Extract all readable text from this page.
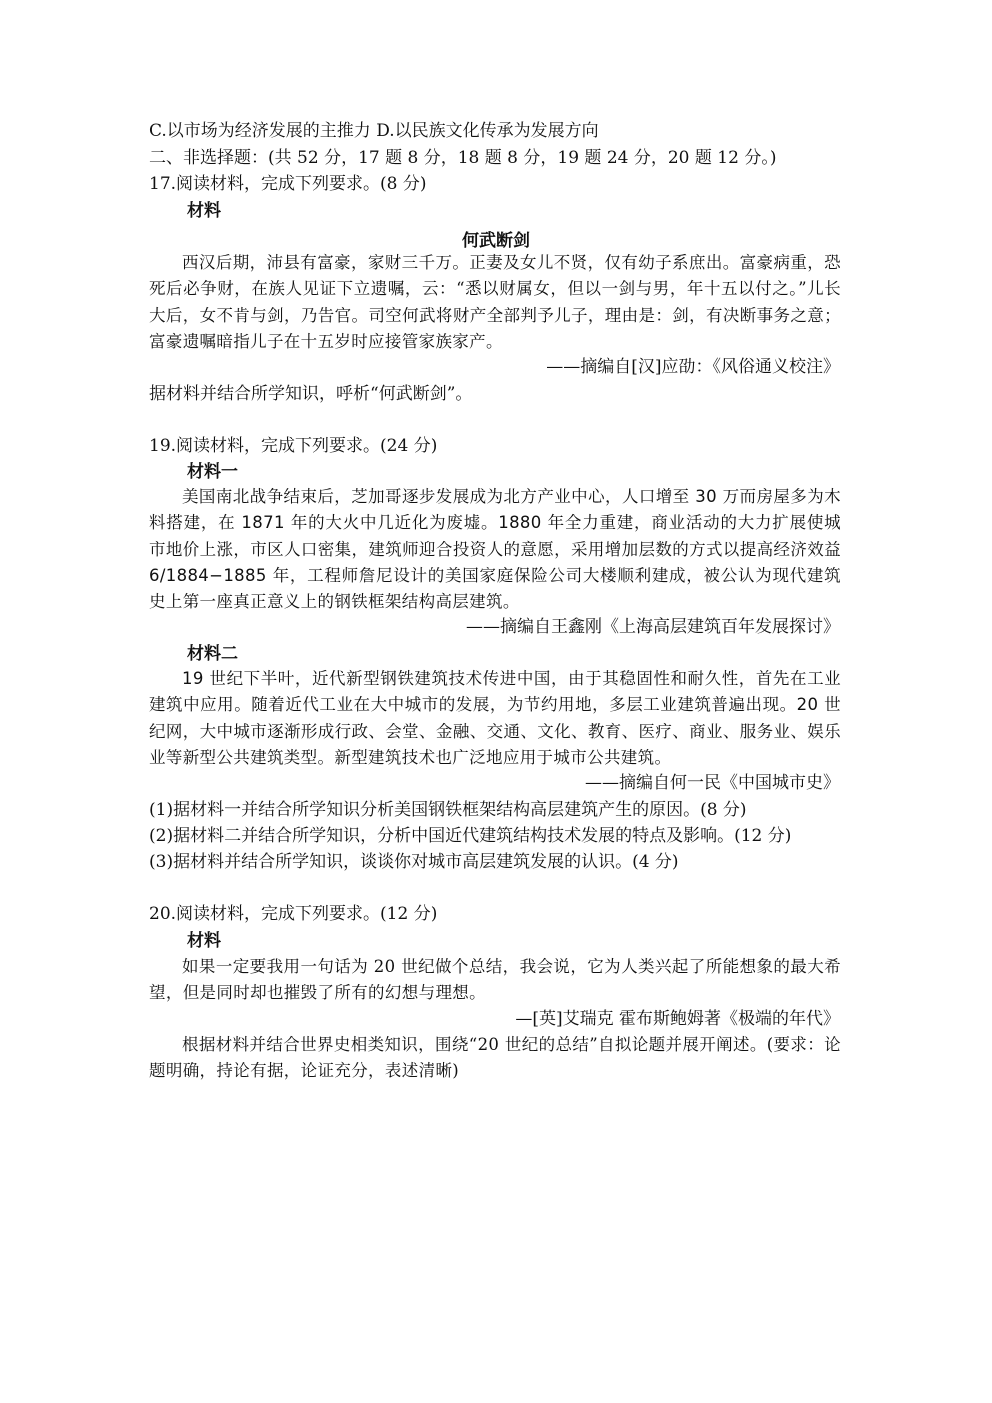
C.以市场为经济发展的主推力 D.以民族文化传承为发展方向
二、非选择题：(共 52 分，17 题 8 分，18 题 8 分，19 题 24 分，20 题 12 分。)
17.阅读材料，完成下列要求。(8 分)
材料
何武断剑
西汉后期，沛县有富豪，家财三千万。正妻及女儿不贤，仅有幼子系庶出。富豪病重，恐死后必争财，在族人见证下立遗嘱，云：“悉以财属女，但以一剑与男，年十五以付之。”儿长大后，女不肯与剑，乃告官。司空何武将财产全部判予儿子，理由是：剑，有决断事务之意；富豪遗嘱暗指儿子在十五岁时应接管家族家产。
——摘编自[汉]应劭：《风俗通义校注》
据材料并结合所学知识，呼析“何武断剑”。
19.阅读材料，完成下列要求。(24 分)
材料一
美国南北战争结束后，芝加哥逐步发展成为北方产业中心，人口增至 30 万而房屋多为木料搭建，在 1871 年的大火中几近化为废墟。1880 年全力重建，商业活动的大力扩展使城市地价上涨，市区人口密集，建筑师迎合投资人的意愿，采用增加层数的方式以提高经济效益 6/1884−1885 年，工程师詹尼设计的美国家庭保险公司大楼顺利建成，被公认为现代建筑史上第一座真正意义上的钢铁框架结构高层建筑。
——摘编自王鑫刚《上海高层建筑百年发展探讨》
材料二
19 世纪下半叶，近代新型钢铁建筑技术传进中国，由于其稳固性和耐久性，首先在工业建筑中应用。随着近代工业在大中城市的发展，为节约用地，多层工业建筑普遍出现。20 世纪网，大中城市逐渐形成行政、会堂、金融、交通、文化、教育、医疗、商业、服务业、娱乐业等新型公共建筑类型。新型建筑技术也广泛地应用于城市公共建筑。
——摘编自何一民《中国城市史》
(1)据材料一并结合所学知识分析美国钢铁框架结构高层建筑产生的原因。(8 分)
(2)据材料二并结合所学知识，分析中国近代建筑结构技术发展的特点及影响。(12 分)
(3)据材料并结合所学知识，谈谈你对城市高层建筑发展的认识。(4 分)
20.阅读材料，完成下列要求。(12 分)
材料
如果一定要我用一句话为 20 世纪做个总结，我会说，它为人类兴起了所能想象的最大希望，但是同时却也摧毁了所有的幻想与理想。
—[英]艾瑞克 霍布斯鲍姆著《极端的年代》
根据材料并结合世界史相类知识，围绕“20 世纪的总结”自拟论题并展开阐述。(要求：论题明确，持论有据，论证充分，表述清晰)
